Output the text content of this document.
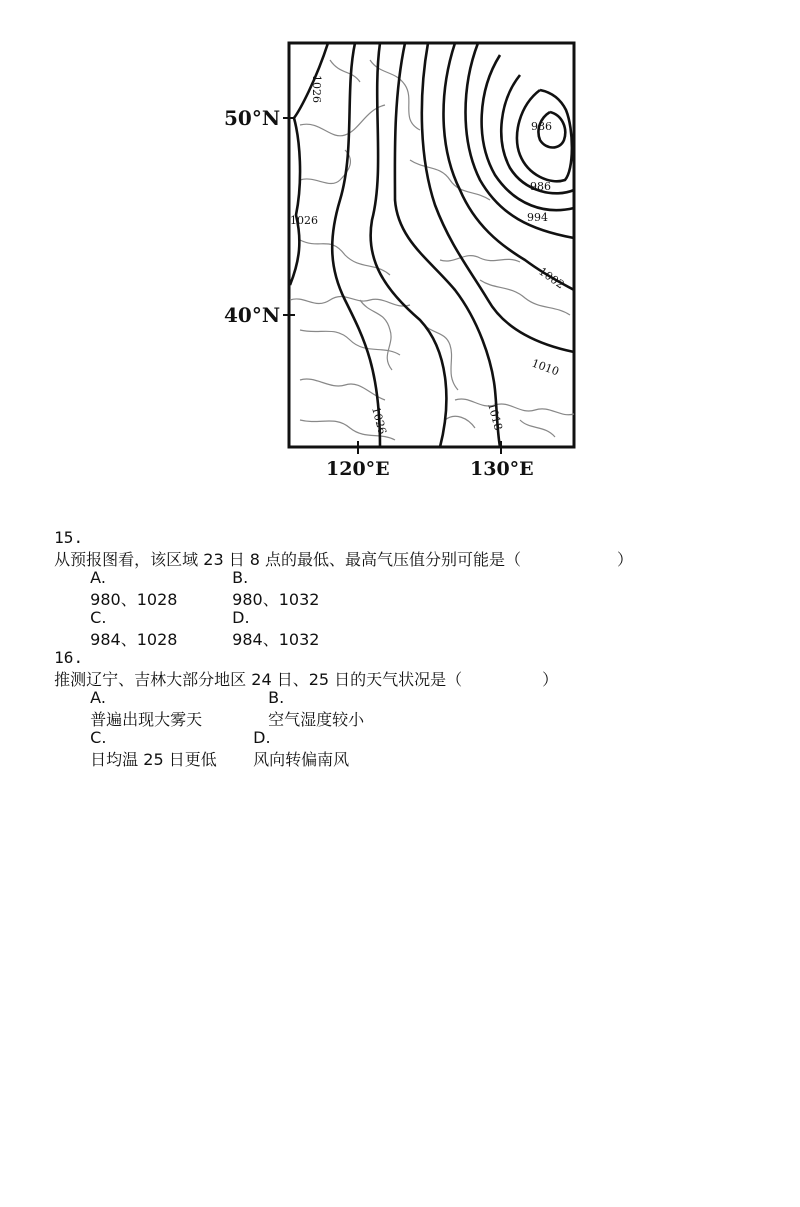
1026
1026
1026
986
986
994
1002
1010
1018
50°N
40°N
120°E	130°E

15.
从预报图看，该区域 23 日 8 点的最低、最高气压值分别可能是（　　　　　　）

A.
980、1028

B.
980、1032

C.
984、1028

D.
984、1032

16.
推测辽宁、吉林大部分地区 24 日、25 日的天气状况是（　　　　　）

A.
普遍出现大雾天

B.
空气湿度较小

C.
日均温 25 日更低

D.
风向转偏南风
